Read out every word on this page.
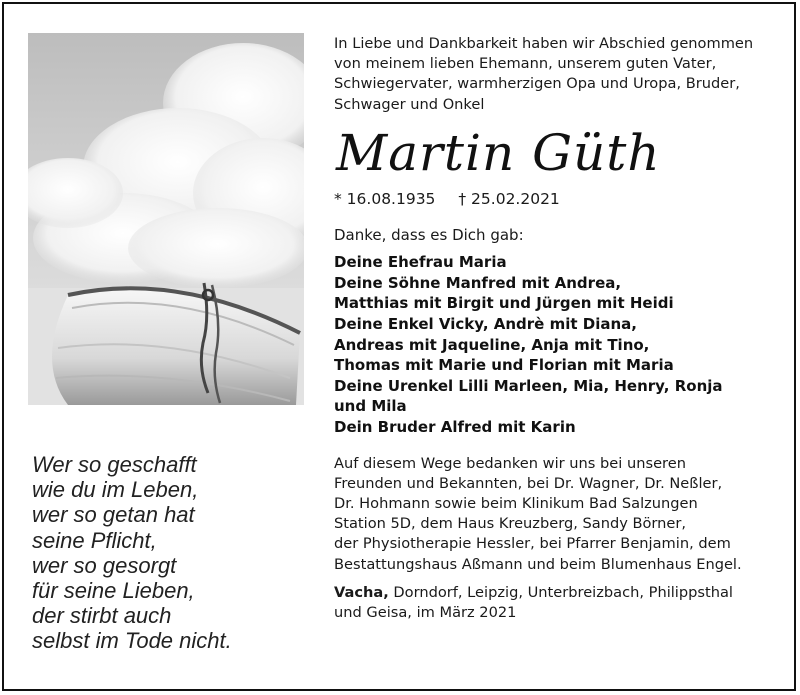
Wer so geschafft
wie du im Leben,
wer so getan hat
seine Pflicht,
wer so gesorgt
für seine Lieben,
der stirbt auch
selbst im Tode nicht.
In Liebe und Dankbarkeit haben wir Abschied genommen
von meinem lieben Ehemann, unserem guten Vater,
Schwiegervater, warmherzigen Opa und Uropa, Bruder,
Schwager und Onkel
Martin Güth
* 16.08.1935 † 25.02.2021
Danke, dass es Dich gab:
Deine Ehefrau Maria
Deine Söhne Manfred mit Andrea,
Matthias mit Birgit und Jürgen mit Heidi
Deine Enkel Vicky, Andrè mit Diana,
Andreas mit Jaqueline, Anja mit Tino,
Thomas mit Marie und Florian mit Maria
Deine Urenkel Lilli Marleen, Mia, Henry, Ronja
und Mila
Dein Bruder Alfred mit Karin
Auf diesem Wege bedanken wir uns bei unseren
Freunden und Bekannten, bei Dr. Wagner, Dr. Neßler,
Dr. Hohmann sowie beim Klinikum Bad Salzungen
Station 5D, dem Haus Kreuzberg, Sandy Börner,
der Physiotherapie Hessler, bei Pfarrer Benjamin, dem
Bestattungshaus Aßmann und beim Blumenhaus Engel.
Vacha, Dorndorf, Leipzig, Unterbreizbach, Philippsthal
und Geisa, im März 2021
